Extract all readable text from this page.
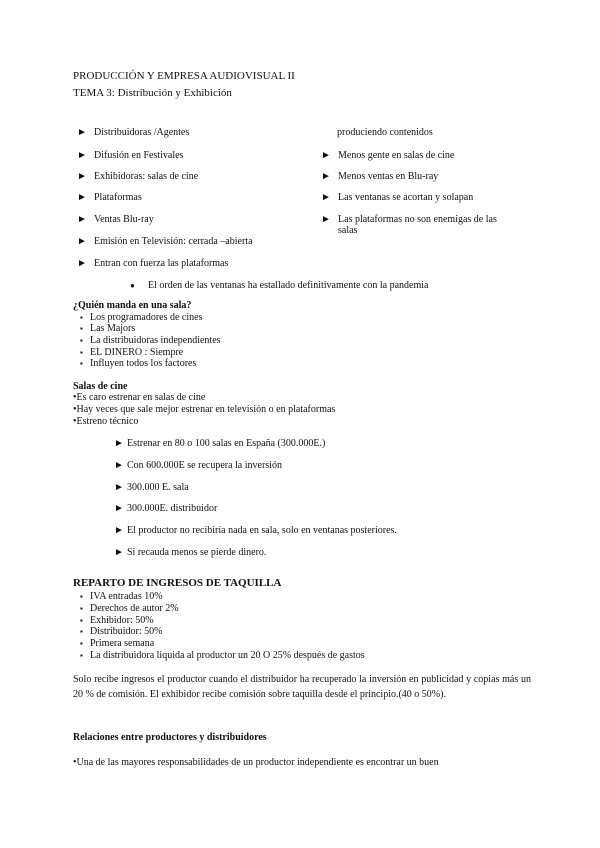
PRODUCCIÓN Y EMPRESA AUDIOVISUAL II
TEMA 3: Distribución y Exhibición
► Distribuidoras /Agentes
► Difusión en Festivales
► Exhibidoras: salas de cine
► Plataformas
► Ventas Blu-ray
► Emisión en Televisión: cerrada –abierta
► Entran con fuerza las plataformas
produciendo contenidos
► Menos gente en salas de cine
► Menos ventas en Blu-ray
► Las ventanas se acortan y solapan
► Las plataformas no son enemigas de las
salas
● El orden de las ventanas ha estallado definitivamente con la pandemia
¿Quién manda en una sala?
▪ Los programadores de cines
▪ Las Majors
▪ La distribuidoras independientes
▪ EL DINERO : Siempre
▪ Influyen todos los factores
Salas de cine
•Es caro estrenar en salas de cine
•Hay veces que sale mejor estrenar en televisión o en plataformas
•Estreno técnico
► Estrenar en 80 o 100 salas en España (300.000E.)
► Con 600.000E se recupera la inversión
► 300.000 E. sala
► 300.000E. distribuidor
► El productor no recibiría nada en sala, solo en ventanas posteriores.
► Si recauda menos se pierde dinero.
REPARTO DE INGRESOS DE TAQUILLA
▪ IVA entradas 10%
▪ Derechos de autor 2%
▪ Exhibidor: 50%
▪ Distribuidor: 50%
▪ Primera semana
▪ La distribuidora liquida al productor un 20 O 25% después de gastos
Solo recibe ingresos el productor cuando el distribuidor ha recuperado la inversión en publicidad y copias más un 20 % de comisión. El exhibidor recibe comisión sobre taquilla desde el principio.(40 o 50%).
Relaciones entre productores y distribuidores
•Una de las mayores responsabilidades de un productor independiente es encontrar un buen
